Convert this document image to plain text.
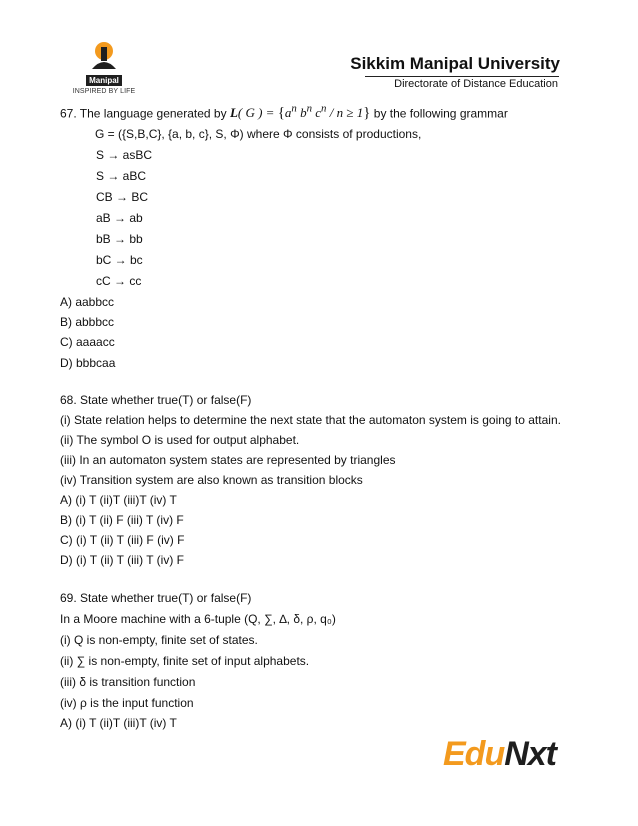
Manipal
INSPIRED BY LIFE
Sikkim Manipal University
Directorate of Distance Education
67. The language generated by L( G ) = {$a^n$ $b^n$ $c^n / n \ge 1$} by the following grammar
G = ({S,B,C}, {a, b, c}, S, Φ) where Φ consists of productions,
S → asBC
S → aBC
CB → BC
aB → ab
bB → bb
bC → bc
cC → cc
A) aabbcc
B) abbbcc
C) aaaacc
D) bbbcaa
68. State whether true(T) or false(F)
(i) State relation helps to determine the next state that the automaton system is going to attain.
(ii) The symbol O is used for output alphabet.
(iii) In an automaton system states are represented by triangles
(iv) Transition system are also known as transition blocks
A) (i) T (ii)T (iii)T (iv) T
B) (i) T (ii) F (iii) T (iv) F
C) (i) T (ii) T (iii) F (iv) F
D) (i) T (ii) T (iii) T (iv) F
69. State whether true(T) or false(F)
In a Moore machine with a 6-tuple (Q, ∑, ∆, δ, ρ, q₀)
(i) Q is non-empty, finite set of states.
(ii) ∑ is non-empty, finite set of input alphabets.
(iii) δ is transition function
(iv) ρ is the input function
A) (i) T (ii)T (iii)T (iv) T
EduNxt
